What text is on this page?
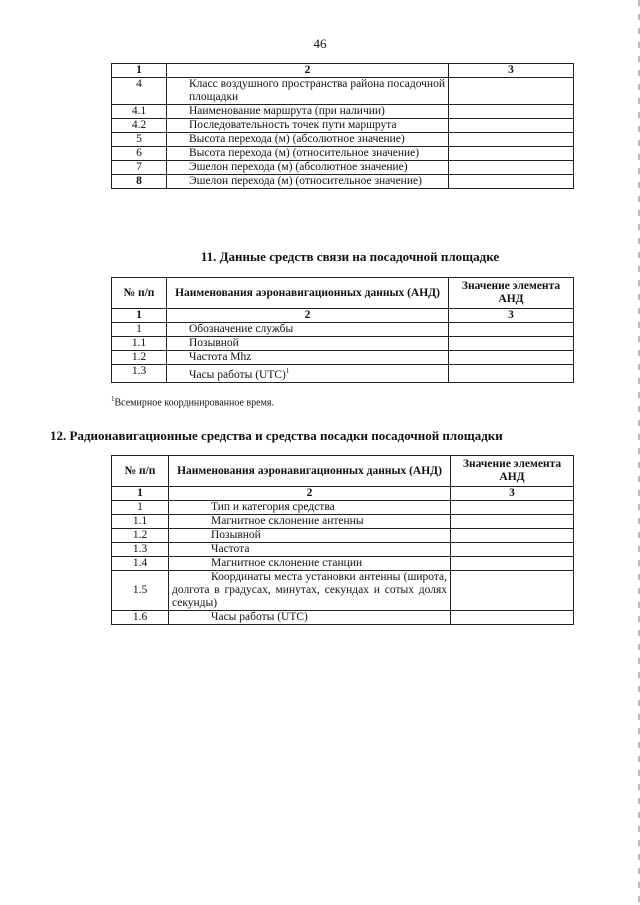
46
1	2	3
4	Класс воздушного пространства района посадочной площадки	
4.1	Наименование маршрута (при наличии)	
4.2	Последовательность точек пути маршрута	
5	Высота перехода (м) (абсолютное значение)	
6	Высота перехода (м) (относительное значение)	
7	Эшелон перехода (м) (абсолютное значение)	
8	Эшелон перехода (м) (относительное значение)	
11. Данные средств связи на посадочной площадке
№ п/п	Наименования аэронавигационных данных (АНД)	Значение элемента АНД
1	2	3
1	Обозначение службы	
1.1	Позывной	
1.2	Частота Mhz	
1.3	Часы работы (UTC)$^1$	
$^1$Всемирное координированное время.
12. Радионавигационные средства и средства посадки посадочной площадки
№ п/п	Наименования аэронавигационных данных (АНД)	Значение элемента АНД
1	2	3
1	Тип и категория средства	
1.1	Магнитное склонение антенны	
1.2	Позывной	
1.3	Частота	
1.4	Магнитное склонение станции	
1.5	Координаты места установки антенны (широта, долгота в градусах, минутах, секундах и сотых долях секунды)	
1.6	Часы работы (UTC)	
